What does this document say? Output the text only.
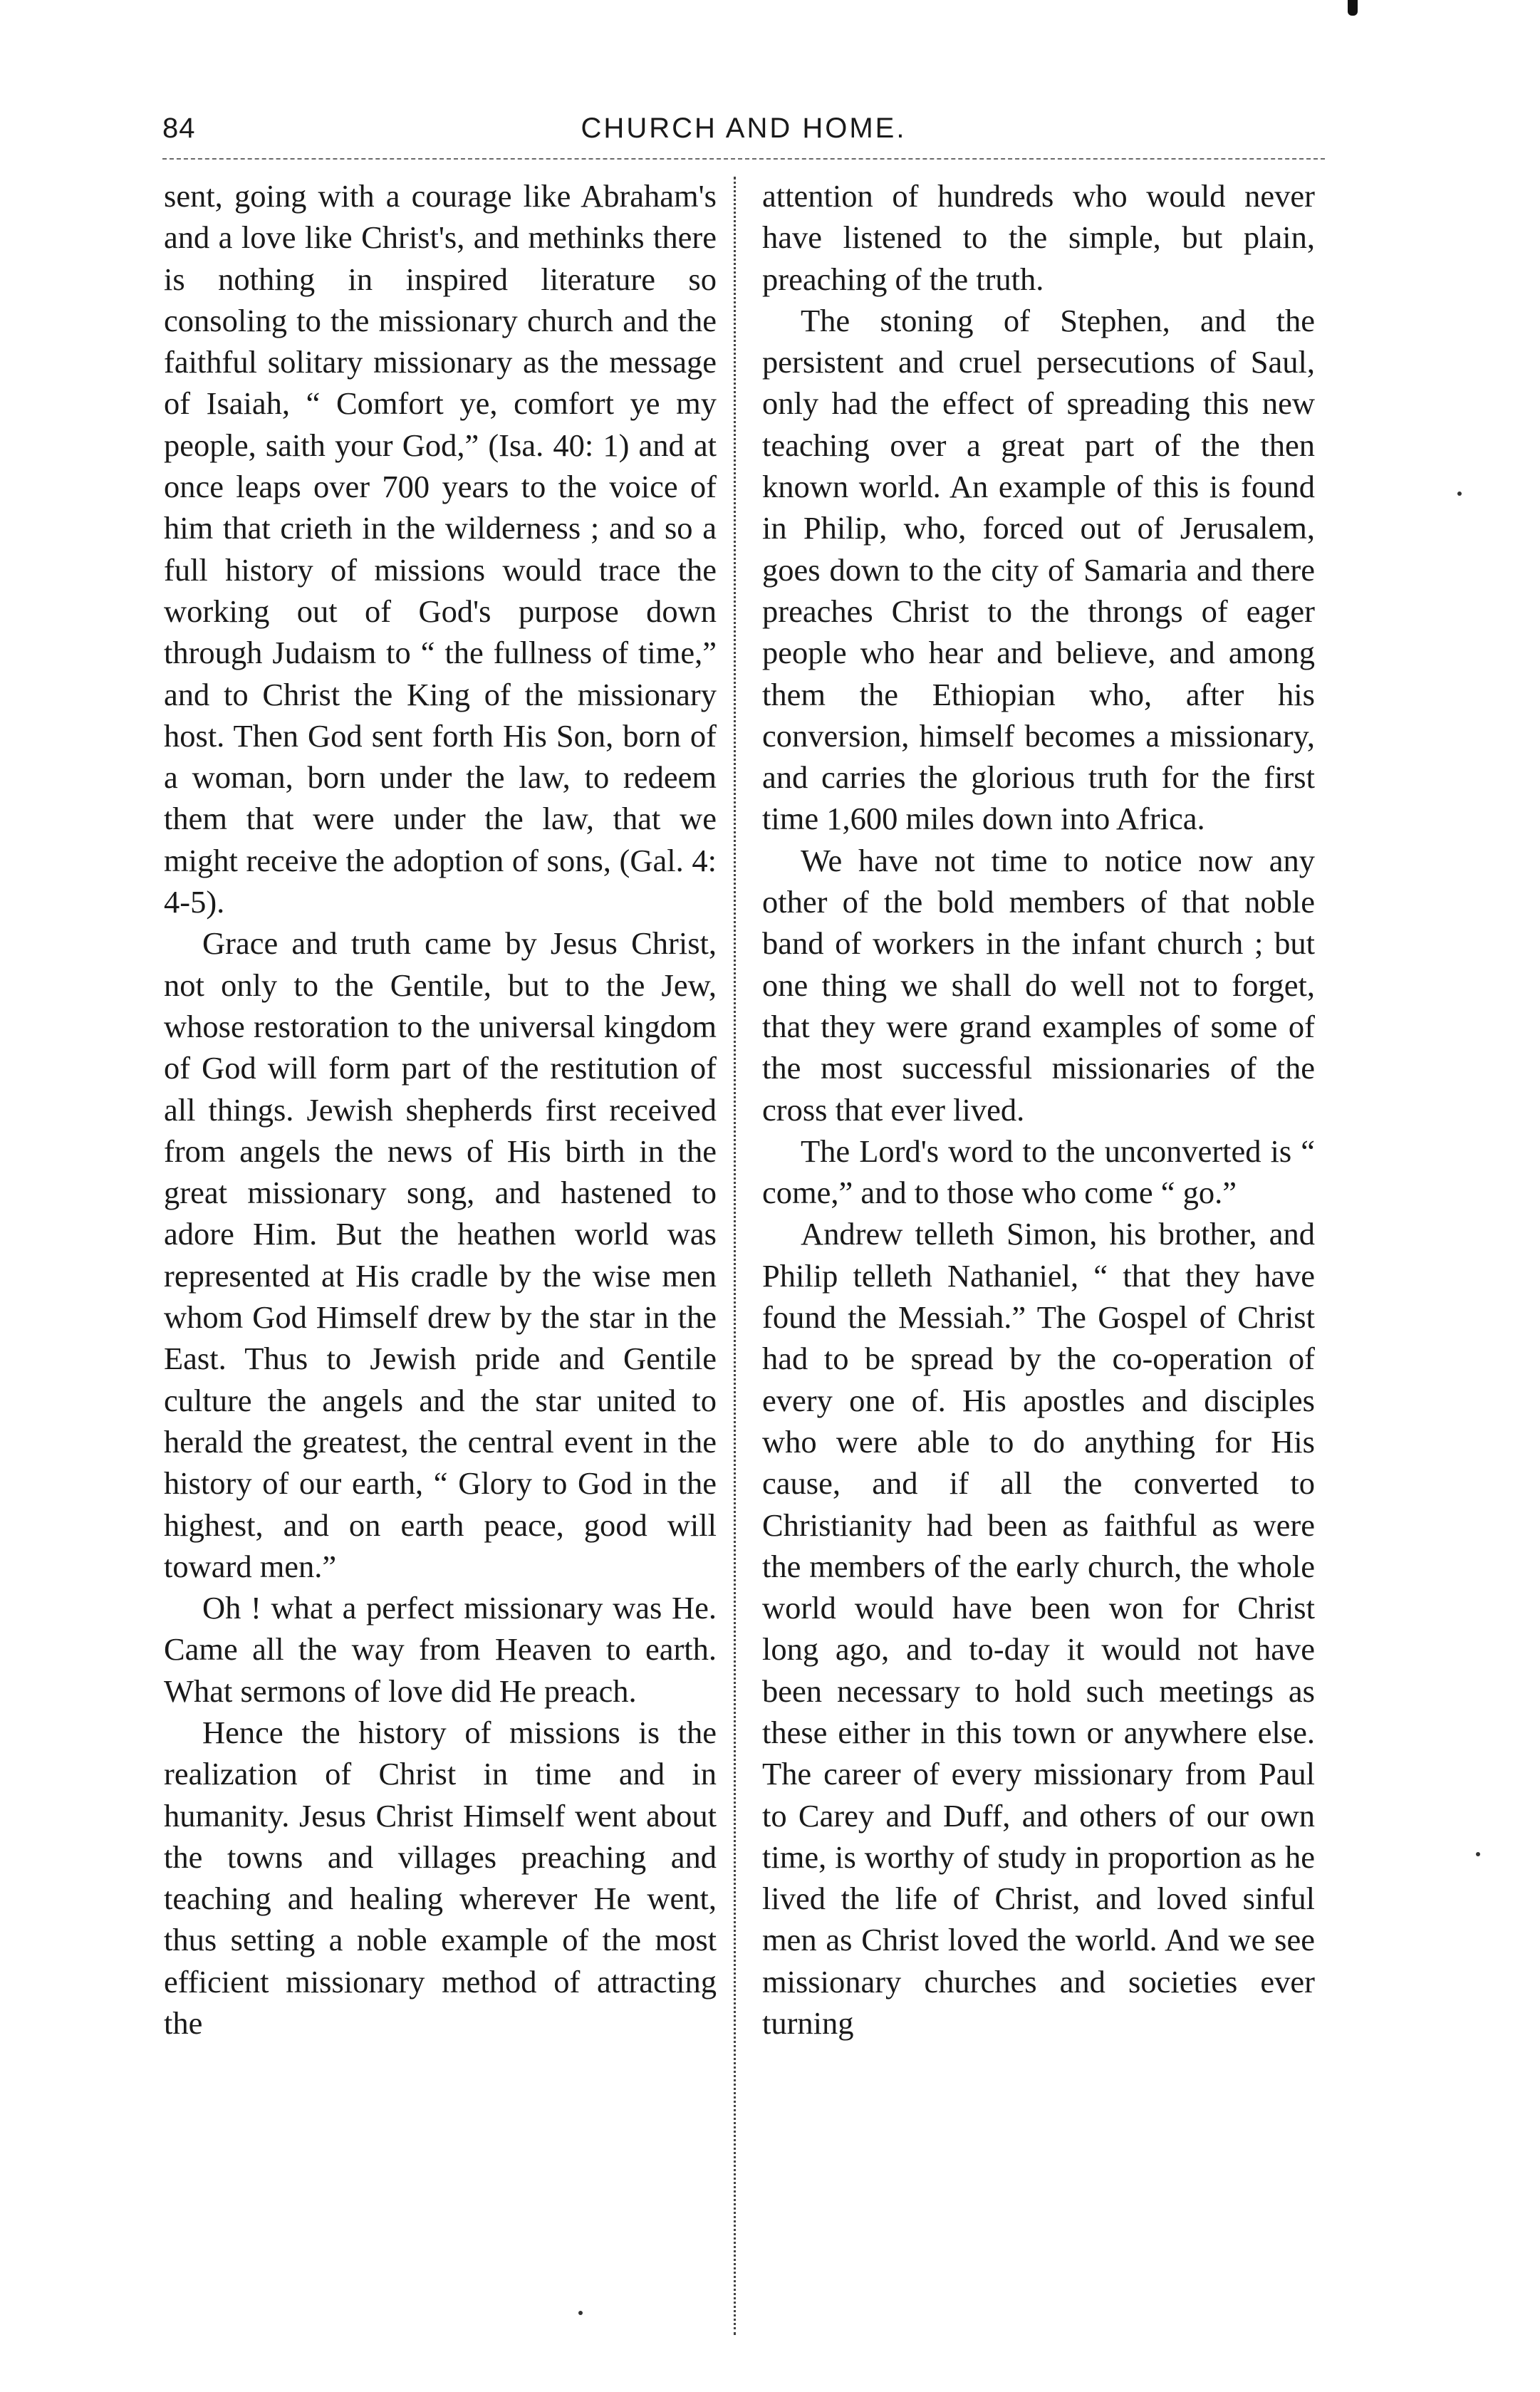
84	CHURCH AND HOME.

sent, going with a courage like Abraham's and a love like Christ's, and methinks there is nothing in inspired literature so consoling to the missionary church and the faithful solitary missionary as the message of Isaiah, “ Comfort ye, comfort ye my people, saith your God,” (Isa. 40: 1) and at once leaps over 700 years to the voice of him that crieth in the wilderness ; and so a full history of missions would trace the working out of God's purpose down through Judaism to “ the fullness of time,” and to Christ the King of the missionary host. Then God sent forth His Son, born of a woman, born under the law, to redeem them that were under the law, that we might receive the adoption of sons, (Gal. 4: 4-5).

Grace and truth came by Jesus Christ, not only to the Gentile, but to the Jew, whose restoration to the universal kingdom of God will form part of the restitution of all things. Jewish shepherds first received from angels the news of His birth in the great missionary song, and hastened to adore Him. But the heathen world was represented at His cradle by the wise men whom God Himself drew by the star in the East. Thus to Jewish pride and Gentile culture the angels and the star united to herald the greatest, the central event in the history of our earth, “ Glory to God in the highest, and on earth peace, good will toward men.”

Oh ! what a perfect missionary was He. Came all the way from Heaven to earth. What sermons of love did He preach.

Hence the history of missions is the realization of Christ in time and in humanity. Jesus Christ Himself went about the towns and villages preaching and teaching and healing wherever He went, thus setting a noble example of the most efficient missionary method of attracting the

attention of hundreds who would never have listened to the simple, but plain, preaching of the truth.

The stoning of Stephen, and the persistent and cruel persecutions of Saul, only had the effect of spreading this new teaching over a great part of the then known world. An example of this is found in Philip, who, forced out of Jerusalem, goes down to the city of Samaria and there preaches Christ to the throngs of eager people who hear and believe, and among them the Ethiopian who, after his conversion, himself becomes a missionary, and carries the glorious truth for the first time 1,600 miles down into Africa.

We have not time to notice now any other of the bold members of that noble band of workers in the infant church ; but one thing we shall do well not to forget, that they were grand examples of some of the most successful missionaries of the cross that ever lived.

The Lord's word to the unconverted is “ come,” and to those who come “ go.”

Andrew telleth Simon, his brother, and Philip telleth Nathaniel, “ that they have found the Messiah.” The Gospel of Christ had to be spread by the co-operation of every one of. His apostles and disciples who were able to do anything for His cause, and if all the converted to Christianity had been as faithful as were the members of the early church, the whole world would have been won for Christ long ago, and to-day it would not have been necessary to hold such meetings as these either in this town or anywhere else. The career of every missionary from Paul to Carey and Duff, and others of our own time, is worthy of study in proportion as he lived the life of Christ, and loved sinful men as Christ loved the world. And we see missionary churches and societies ever turning
